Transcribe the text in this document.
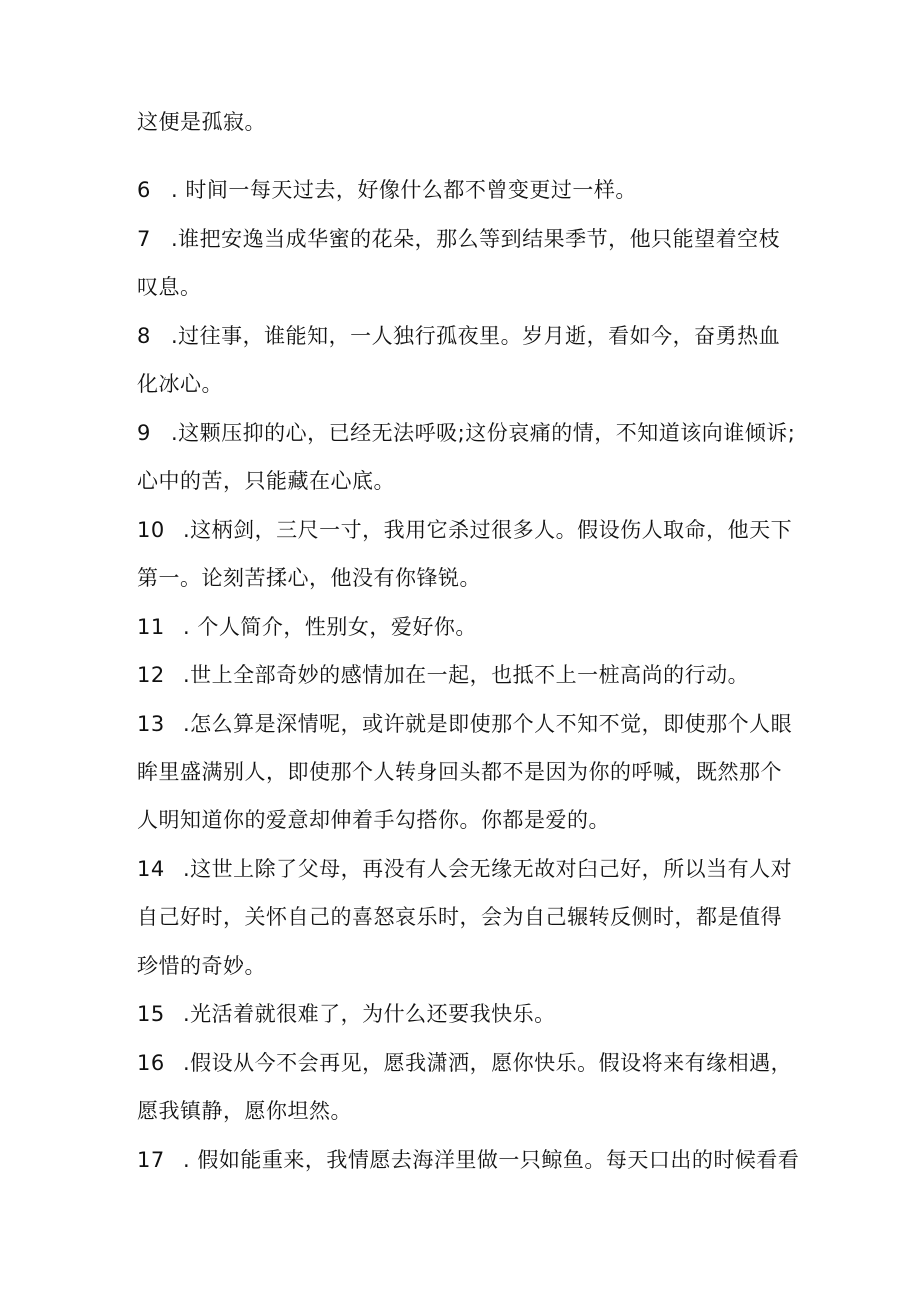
这便是孤寂。
6 . 时间一每天过去，好像什么都不曾变更过一样。
7 .谁把安逸当成华蜜的花朵，那么等到结果季节，他只能望着空枝
叹息。
8 .过往事，谁能知，一人独行孤夜里。岁月逝，看如今，奋勇热血
化冰心。
9 .这颗压抑的心，已经无法呼吸;这份哀痛的情，不知道该向谁倾诉;
心中的苦，只能藏在心底。
10 .这柄剑，三尺一寸，我用它杀过很多人。假设伤人取命，他天下
第一。论刻苦揉心，他没有你锋锐。
11 . 个人简介，性别女，爱好你。
12 .世上全部奇妙的感情加在一起，也抵不上一桩高尚的行动。
13 .怎么算是深情呢，或许就是即使那个人不知不觉，即使那个人眼
眸里盛满别人，即使那个人转身回头都不是因为你的呼喊，既然那个
人明知道你的爱意却伸着手勾搭你。你都是爱的。
14 .这世上除了父母，再没有人会无缘无故对臼己好，所以当有人对
自己好时，关怀自己的喜怒哀乐时，会为自己辗转反侧时，都是值得
珍惜的奇妙。
15 .光活着就很难了，为什么还要我快乐。
16 .假设从今不会再见，愿我潇洒，愿你快乐。假设将来有缘相遇，
愿我镇静，愿你坦然。
17 . 假如能重来，我情愿去海洋里做一只鲸鱼。每天口出的时候看看
